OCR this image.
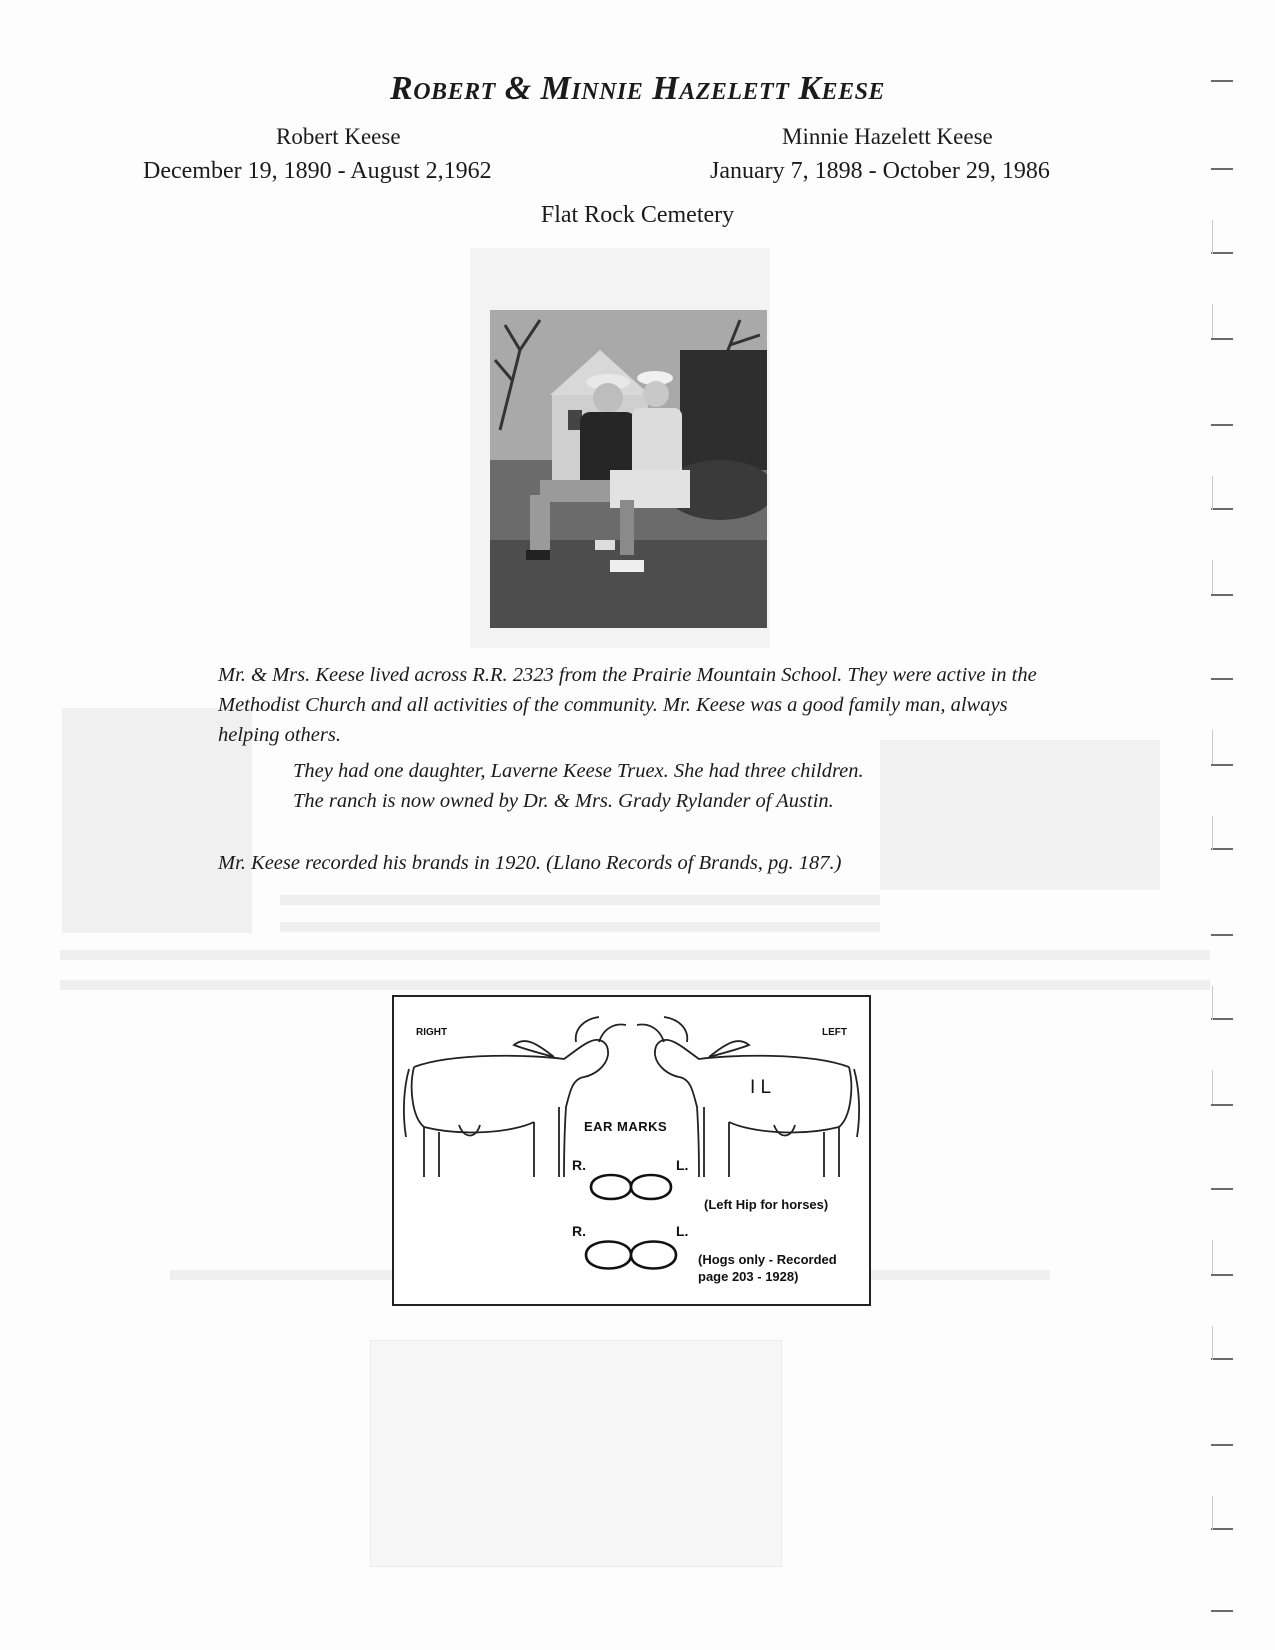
Robert & Minnie Hazelett Keese
Robert Keese
December 19, 1890 - August 2,1962
Minnie Hazelett Keese
January 7, 1898 - October 29, 1986
Flat Rock Cemetery
Mr. & Mrs. Keese lived across R.R. 2323 from the Prairie Mountain School. They were active in the Methodist Church and all activities of the community. Mr. Keese was a good family man, always helping others.
They had one daughter, Laverne Keese Truex. She had three children.
The ranch is now owned by Dr. & Mrs. Grady Rylander of Austin.
Mr. Keese recorded his brands in 1920. (Llano Records of Brands, pg. 187.)
RIGHT	LEFT
EAR MARKS
I L
R.	L.
R.	L.
(Left Hip for horses)
(Hogs only - Recorded
page 203 - 1928)
